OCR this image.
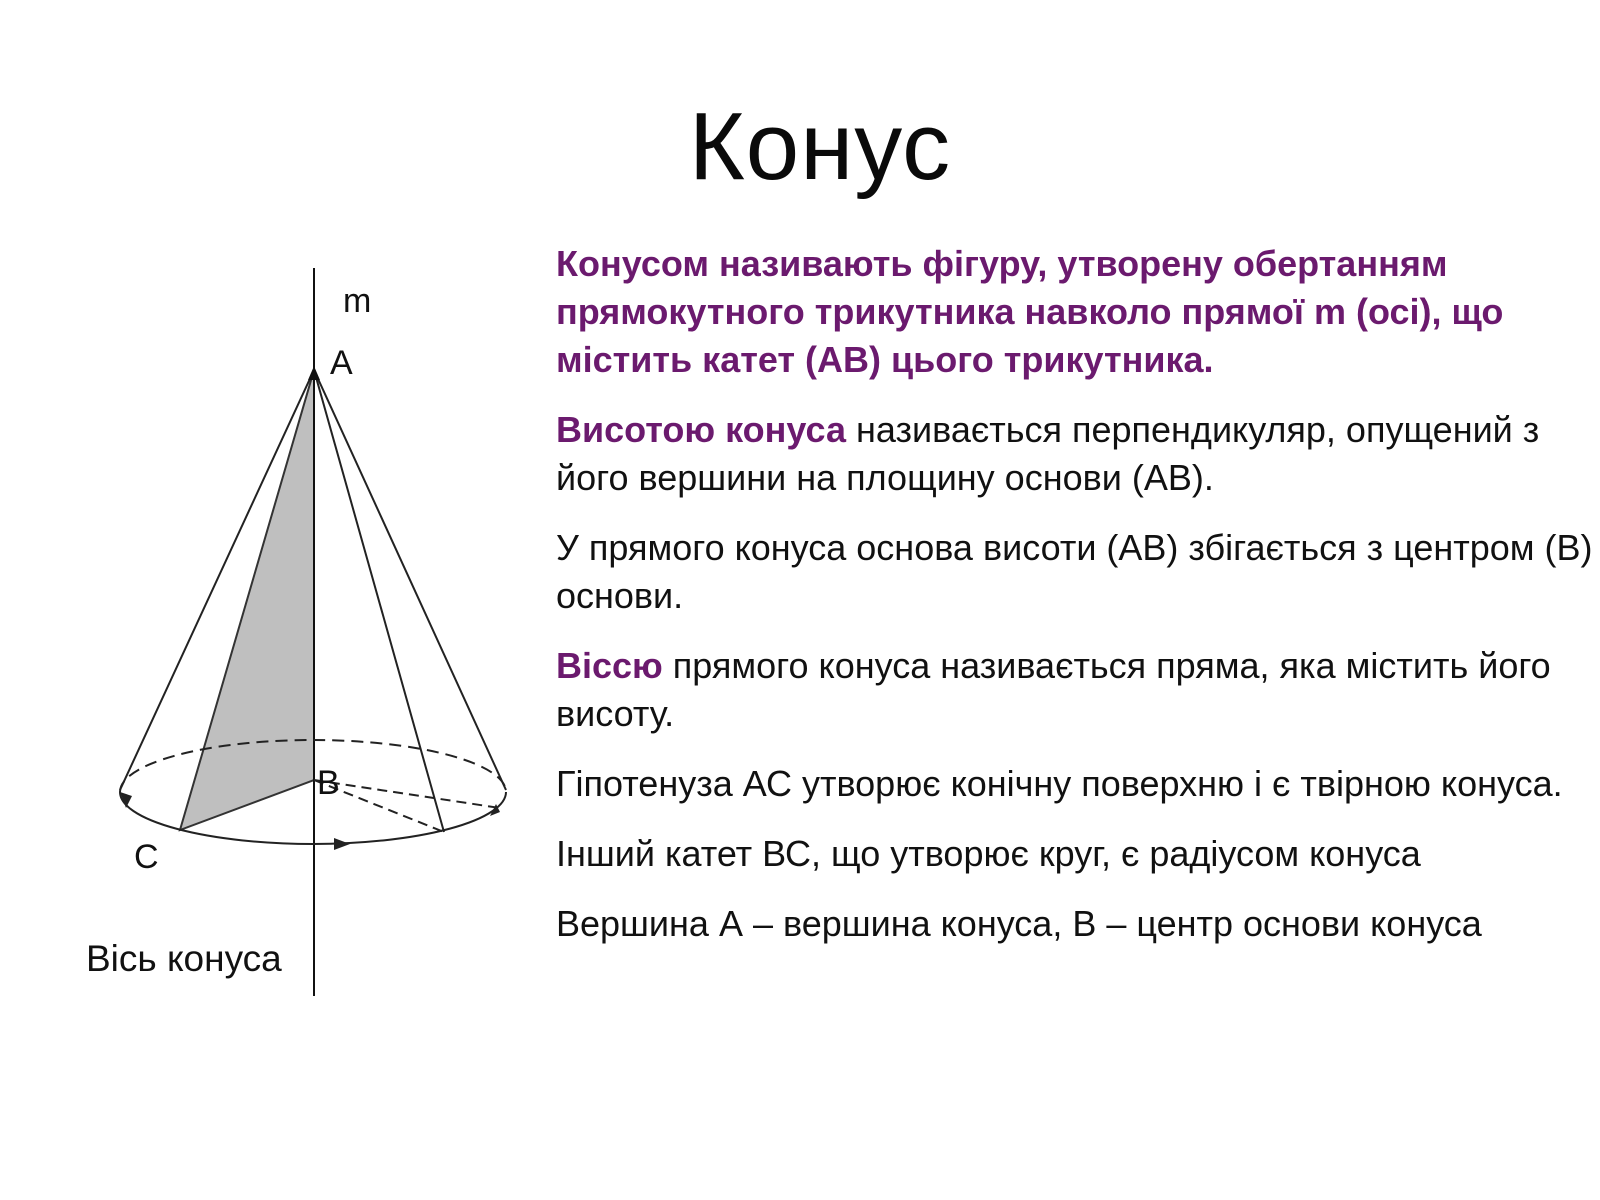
Конус
m
A
B
C
Вісь конуса

Конусом називають фігуру, утворену обертанням прямокутного трикутника навколо прямої m (осі), що містить катет (АВ) цього трикутника.

Висотою конуса називається перпендикуляр, опущений з його вершини на площину основи (АВ).

У прямого конуса основа висоти (АВ) збігається з центром (В) основи.

Віссю прямого конуса називається пряма, яка містить його висоту.

Гіпотенуза АС утворює конічну поверхню і є твірною конуса.

Інший катет ВС, що утворює круг, є радіусом конуса

Вершина А – вершина конуса, В – центр основи конуса
